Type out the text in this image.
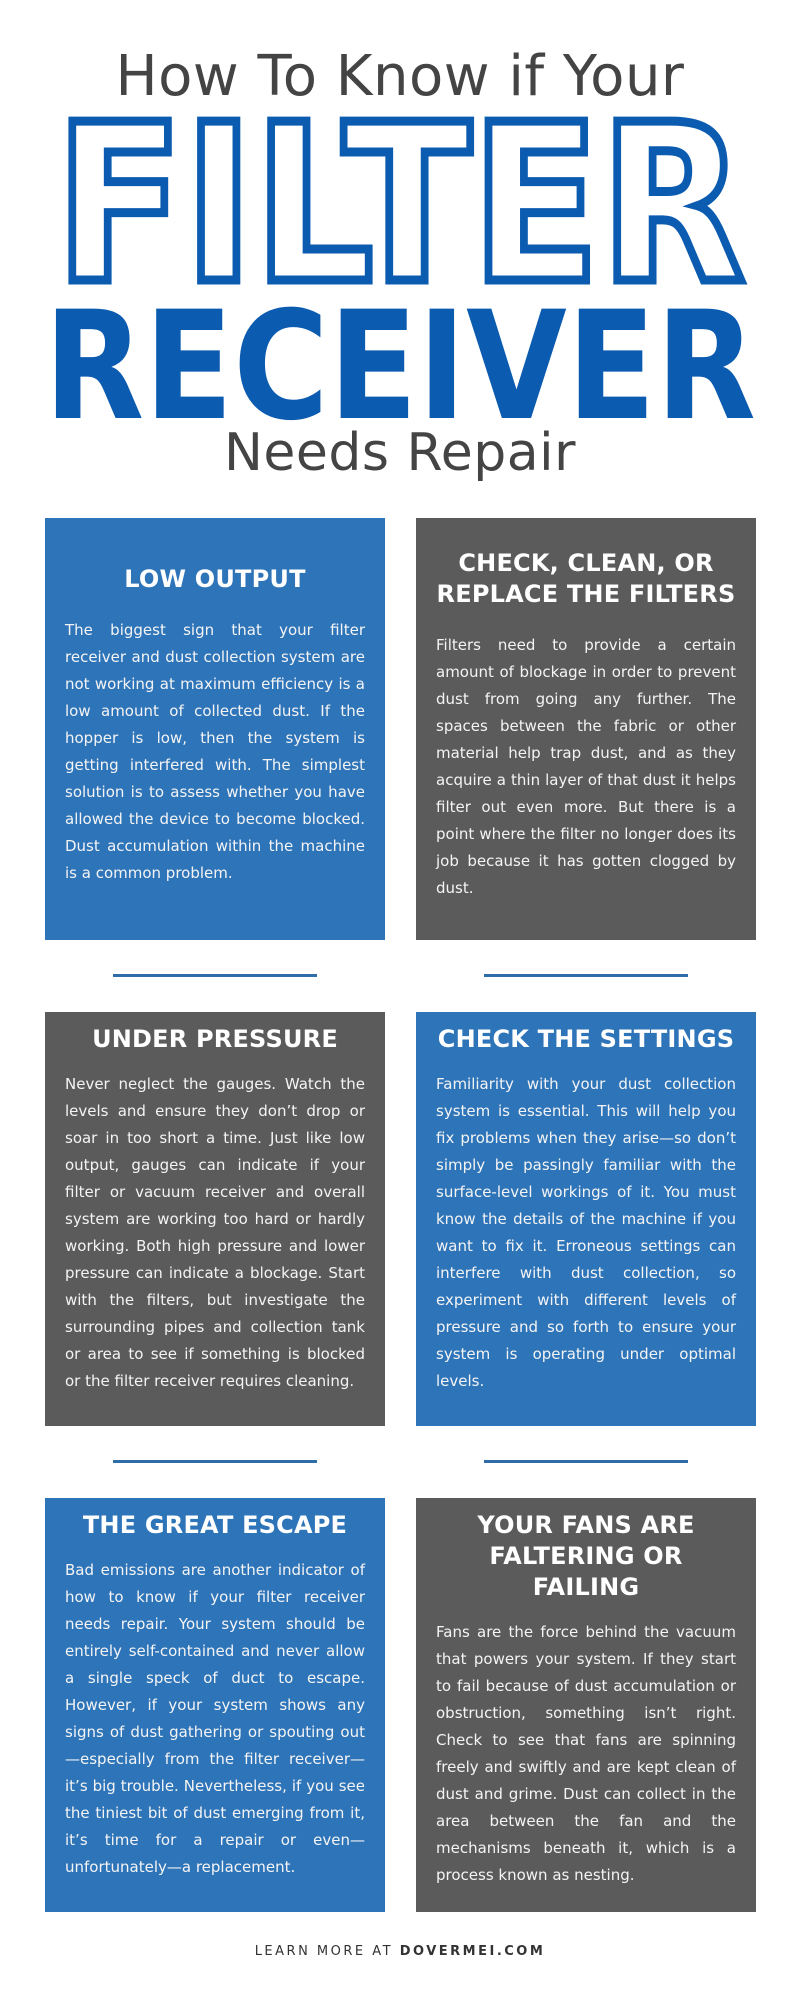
How To Know if Your
FILTER
RECEIVER
Needs Repair
LOW OUTPUT

The biggest sign that your filter receiver and dust collection system are not working at maximum efficiency is a low amount of collected dust. If the hopper is low, then the system is getting interfered with. The simplest solution is to assess whether you have allowed the device to become blocked. Dust accumulation within the machine is a common problem.

CHECK, CLEAN, OR REPLACE THE FILTERS

Filters need to provide a certain amount of blockage in order to prevent dust from going any further. The spaces between the fabric or other material help trap dust, and as they acquire a thin layer of that dust it helps filter out even more. But there is a point where the filter no longer does its job because it has gotten clogged by dust.

UNDER PRESSURE

Never neglect the gauges. Watch the levels and ensure they don’t drop or soar in too short a time. Just like low output, gauges can indicate if your filter or vacuum receiver and overall system are working too hard or hardly working. Both high pressure and lower pressure can indicate a blockage. Start with the filters, but investigate the surrounding pipes and collection tank or area to see if something is blocked or the filter receiver requires cleaning.

CHECK THE SETTINGS

Familiarity with your dust collection system is essential. This will help you fix problems when they arise—so don’t simply be passingly familiar with the surface-level workings of it. You must know the details of the machine if you want to fix it. Erroneous settings can interfere with dust collection, so experiment with different levels of pressure and so forth to ensure your system is operating under optimal levels.

THE GREAT ESCAPE

Bad emissions are another indicator of how to know if your filter receiver needs repair. Your system should be entirely self-contained and never allow a single speck of duct to escape. However, if your system shows any signs of dust gathering or spouting out—especially from the filter receiver—it’s big trouble. Nevertheless, if you see the tiniest bit of dust emerging from it, it’s time for a repair or even—unfortunately—a replacement.

YOUR FANS ARE FALTERING OR FAILING

Fans are the force behind the vacuum that powers your system. If they start to fail because of dust accumulation or obstruction, something isn’t right. Check to see that fans are spinning freely and swiftly and are kept clean of dust and grime. Dust can collect in the area between the fan and the mechanisms beneath it, which is a process known as nesting.

LEARN MORE AT DOVERMEI.COM
